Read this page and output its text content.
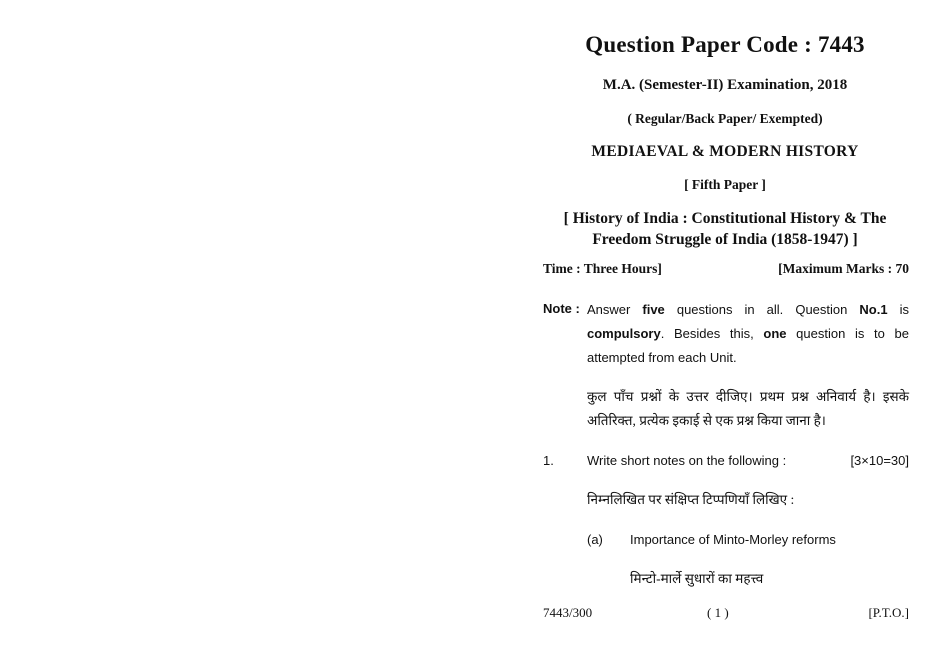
Question Paper Code : 7443
M.A. (Semester-II) Examination, 2018
( Regular/Back Paper/ Exempted)
MEDIAEVAL & MODERN HISTORY
[ Fifth Paper ]
[ History of India : Constitutional History & The
Freedom Struggle of India (1858-1947) ]
Time : Three Hours]	[Maximum Marks : 70
Note : Answer five questions in all. Question No.1 is compulsory. Besides this, one question is to be attempted from each Unit.
कुल पाँच प्रश्नों के उत्तर दीजिए। प्रथम प्रश्न अनिवार्य है। इसके अतिरिक्त, प्रत्येक इकाई से एक प्रश्न किया जाना है।
1.	Write short notes on the following :	[3×10=30]
निम्नलिखित पर संक्षिप्त टिप्पणियाँ लिखिए :
(a) Importance of Minto-Morley reforms
मिन्टो-मार्ले सुधारों का महत्त्व
7443/300	( 1 )	[P.T.O.]
